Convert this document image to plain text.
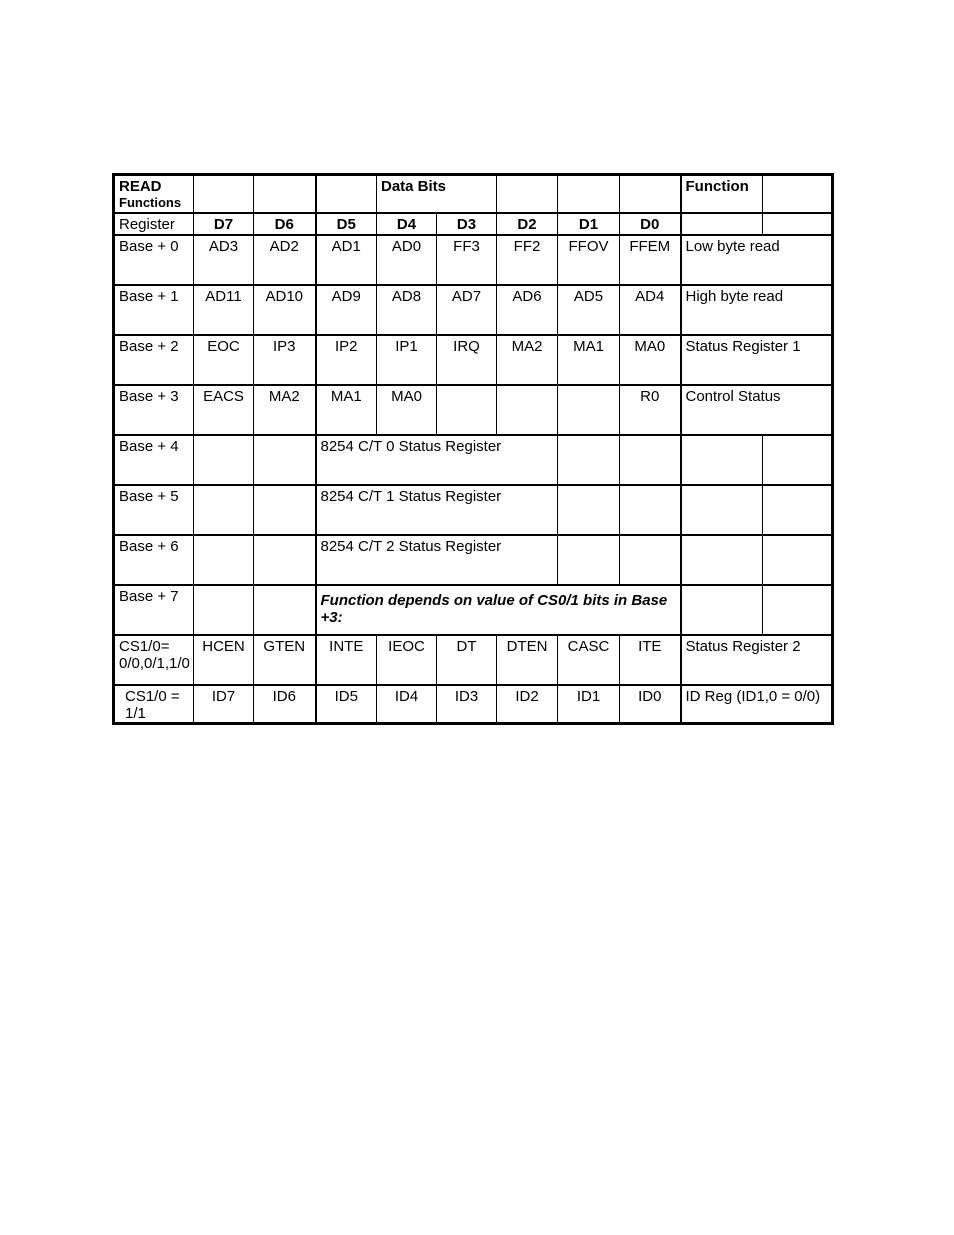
READ
Functions				Data Bits					Function	
Register	D7	D6	D5	D4	D3	D2	D1	D0		
Base + 0	AD3	AD2	AD1	AD0	FF3	FF2	FFOV	FFEM	Low byte read	
Base + 1	AD11	AD10	AD9	AD8	AD7	AD6	AD5	AD4	High byte read	
Base + 2	EOC	IP3	IP2	IP1	IRQ	MA2	MA1	MA0	Status Register 1	
Base + 3	EACS	MA2	MA1	MA0				R0	Control Status	
Base + 4			8254 C/T 0 Status Register							
Base + 5			8254 C/T 1 Status Register							
Base + 6			8254 C/T 2 Status Register							
Base + 7			Function depends on value of CS0/1 bits in Base +3:							
CS1/0= 0/0,0/1,1/0	HCEN	GTEN	INTE	IEOC	DT	DTEN	CASC	ITE	Status Register 2	
CS1/0 = 1/1	ID7	ID6	ID5	ID4	ID3	ID2	ID1	ID0	ID Reg (ID1,0 = 0/0)	
